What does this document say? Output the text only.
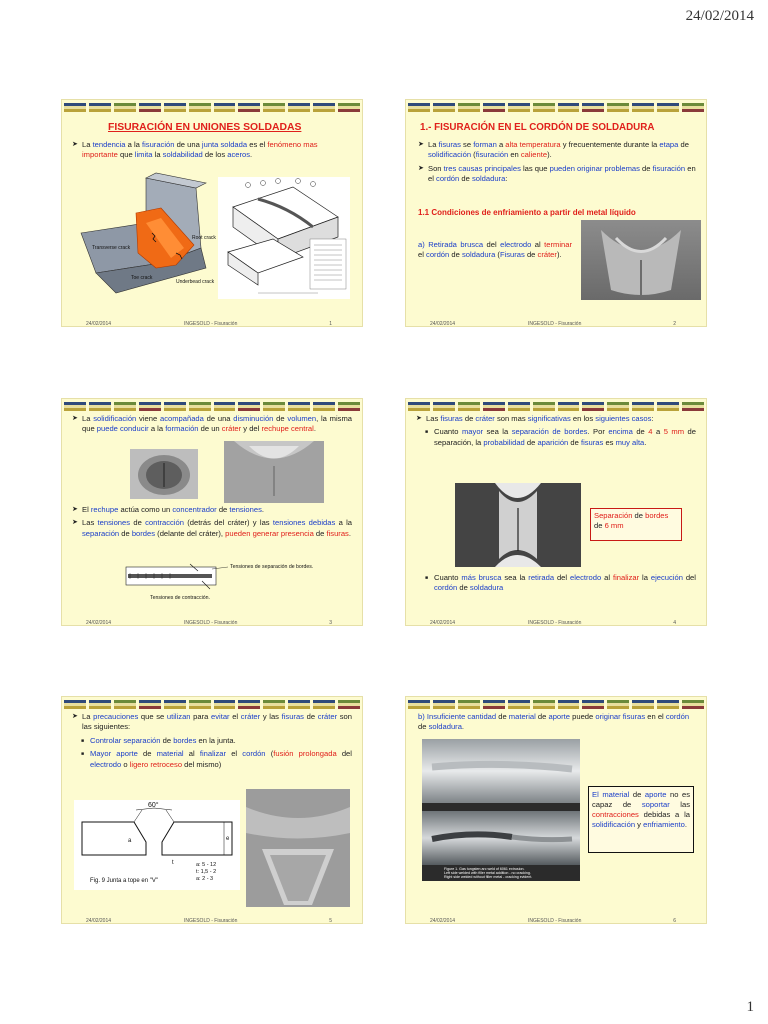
24/02/2014
FISURACIÓN EN UNIONES SOLDADAS
➤ La tendencia a la fisuración de una junta soldada es el fenómeno mas importante que limita la soldabilidad de los aceros.
Transverse crack
Root crack
Toe crack
Underbead crack
24/02/2014	INGESOLD - Fisuración	1
1.- FISURACIÓN EN EL CORDÓN DE SOLDADURA
➤ La fisuras se forman a alta temperatura y frecuentemente durante la etapa de solidificación (fisuración en caliente).
➤ Son tres causas principales las que pueden originar problemas de fisuración en el cordón de soldadura:
1.1 Condiciones de enfriamiento a partir del metal líquido
a) Retirada brusca del electrodo al terminar el cordón de soldadura (Fisuras de cráter).
24/02/2014	INGESOLD - Fisuración	2
➤ La solidificación viene acompañada de una disminución de volumen, la misma que puede conducir a la formación de un cráter y del rechupe central.
➤ El rechupe actúa como un concentrador de tensiones.
➤ Las tensiones de contracción (detrás del cráter) y las tensiones debidas a la separación de bordes (delante del cráter), pueden generar presencia de fisuras.
Tensiones de separación de bordes.
Tensiones de contracción.
24/02/2014	INGESOLD - Fisuración	3
➤ Las fisuras de cráter son mas significativas en los siguientes casos:
■ Cuanto mayor sea la separación de bordes. Por encima de 4 a 5 mm de separación, la probabilidad de aparición de fisuras es muy alta.
Separación de bordes de 6 mm
■ Cuanto más brusca sea la retirada del electrodo al finalizar la ejecución del cordón de soldadura
24/02/2014	INGESOLD - Fisuración	4
➤ La precauciones que se utilizan para evitar el cráter y las fisuras de cráter son las siguientes:
■ Controlar separación de bordes en la junta.
■ Mayor aporte de material al finalizar el cordón (fusión prolongada del electrodo o ligero retroceso del mismo)
60°
e
a
t	a: 5 - 12
t: 1,5 - 2
a: 2 - 3
Fig. 9 Junta a tope en "V"
24/02/2014	INGESOLD - Fisuración	5
b) Insuficiente cantidad de material de aporte puede originar fisuras en el cordón de soldadura.
Figure 1. Gas tungsten arc weld of 6061 extrusion.
Left side welded with filler metal addition - no cracking.
Right side welded without filler metal - cracking evident.
El material de aporte no es capaz de soportar las contracciones debidas a la solidificación y enfriamiento.
24/02/2014	INGESOLD - Fisuración	6
1
